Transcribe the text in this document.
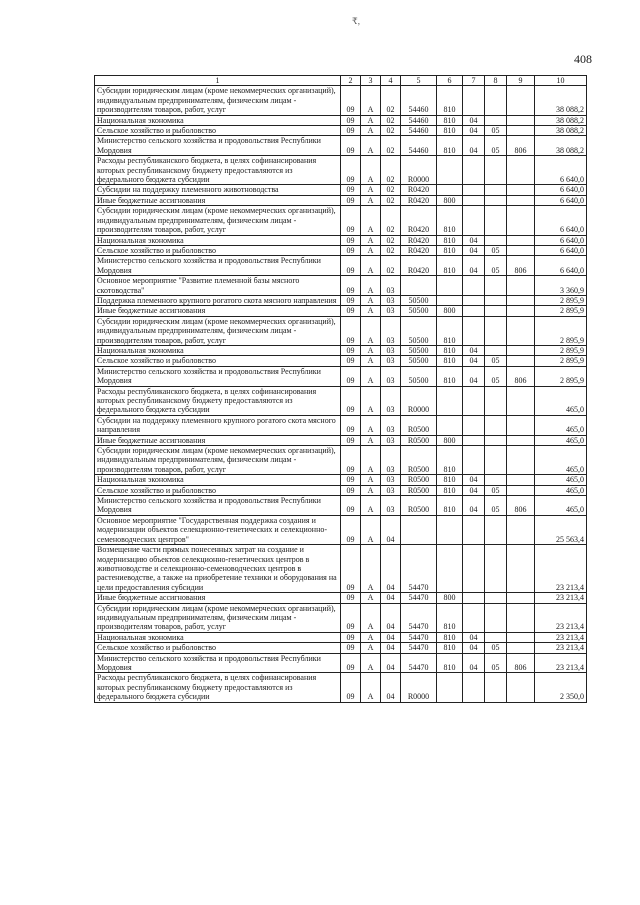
₹,
408
1	2	3	4	5	6	7	8	9	10
Субсидии юридическим лицам (кроме некоммерческих организаций), индивидуальным предпринимателям, физическим лицам - производителям товаров, работ, услуг	09	А	02	54460	810				38 088,2
Национальная экономика	09	А	02	54460	810	04			38 088,2
Сельское хозяйство и рыболовство	09	А	02	54460	810	04	05		38 088,2
Министерство сельского хозяйства и продовольствия Республики Мордовия	09	А	02	54460	810	04	05	806	38 088,2
Расходы республиканского бюджета, в целях софинансирования которых республиканскому бюджету предоставляются из федерального бюджета субсидии	09	А	02	R0000					6 640,0
Субсидии на поддержку племенного животноводства	09	А	02	R0420					6 640,0
Иные бюджетные ассигнования	09	А	02	R0420	800				6 640,0
Субсидии юридическим лицам (кроме некоммерческих организаций), индивидуальным предпринимателям, физическим лицам - производителям товаров, работ, услуг	09	А	02	R0420	810				6 640,0
Национальная экономика	09	А	02	R0420	810	04			6 640,0
Сельское хозяйство и рыболовство	09	А	02	R0420	810	04	05		6 640,0
Министерство сельского хозяйства и продовольствия Республики Мордовия	09	А	02	R0420	810	04	05	806	6 640,0
Основное мероприятие "Развитие племенной базы мясного скотоводства"	09	А	03						3 360,9
Поддержка племенного крупного рогатого скота мясного направления	09	А	03	50500					2 895,9
Иные бюджетные ассигнования	09	А	03	50500	800				2 895,9
Субсидии юридическим лицам (кроме некоммерческих организаций), индивидуальным предпринимателям, физическим лицам - производителям товаров, работ, услуг	09	А	03	50500	810				2 895,9
Национальная экономика	09	А	03	50500	810	04			2 895,9
Сельское хозяйство и рыболовство	09	А	03	50500	810	04	05		2 895,9
Министерство сельского хозяйства и продовольствия Республики Мордовия	09	А	03	50500	810	04	05	806	2 895,9
Расходы республиканского бюджета, в целях софинансирования которых республиканскому бюджету предоставляются из федерального бюджета субсидии	09	А	03	R0000					465,0
Субсидии на поддержку племенного крупного рогатого скота мясного направления	09	А	03	R0500					465,0
Иные бюджетные ассигнования	09	А	03	R0500	800				465,0
Субсидии юридическим лицам (кроме некоммерческих организаций), индивидуальным предпринимателям, физическим лицам - производителям товаров, работ, услуг	09	А	03	R0500	810				465,0
Национальная экономика	09	А	03	R0500	810	04			465,0
Сельское хозяйство и рыболовство	09	А	03	R0500	810	04	05		465,0
Министерство сельского хозяйства и продовольствия Республики Мордовия	09	А	03	R0500	810	04	05	806	465,0
Основное мероприятие "Государственная поддержка создания и модернизации объектов селекционно-генетических и селекционно-семеноводческих центров"	09	А	04						25 563,4
Возмещение части прямых понесенных затрат на создание и модернизацию объектов селекционно-генетических центров в животноводстве и селекционно-семеноводческих центров в растениеводстве, а также на приобретение техники и оборудования на цели предоставления субсидии	09	А	04	54470					23 213,4
Иные бюджетные ассигнования	09	А	04	54470	800				23 213,4
Субсидии юридическим лицам (кроме некоммерческих организаций), индивидуальным предпринимателям, физическим лицам - производителям товаров, работ, услуг	09	А	04	54470	810				23 213,4
Национальная экономика	09	А	04	54470	810	04			23 213,4
Сельское хозяйство и рыболовство	09	А	04	54470	810	04	05		23 213,4
Министерство сельского хозяйства и продовольствия Республики Мордовия	09	А	04	54470	810	04	05	806	23 213,4
Расходы республиканского бюджета, в целях софинансирования которых республиканскому бюджету предоставляются из федерального бюджета субсидии	09	А	04	R0000					2 350,0
